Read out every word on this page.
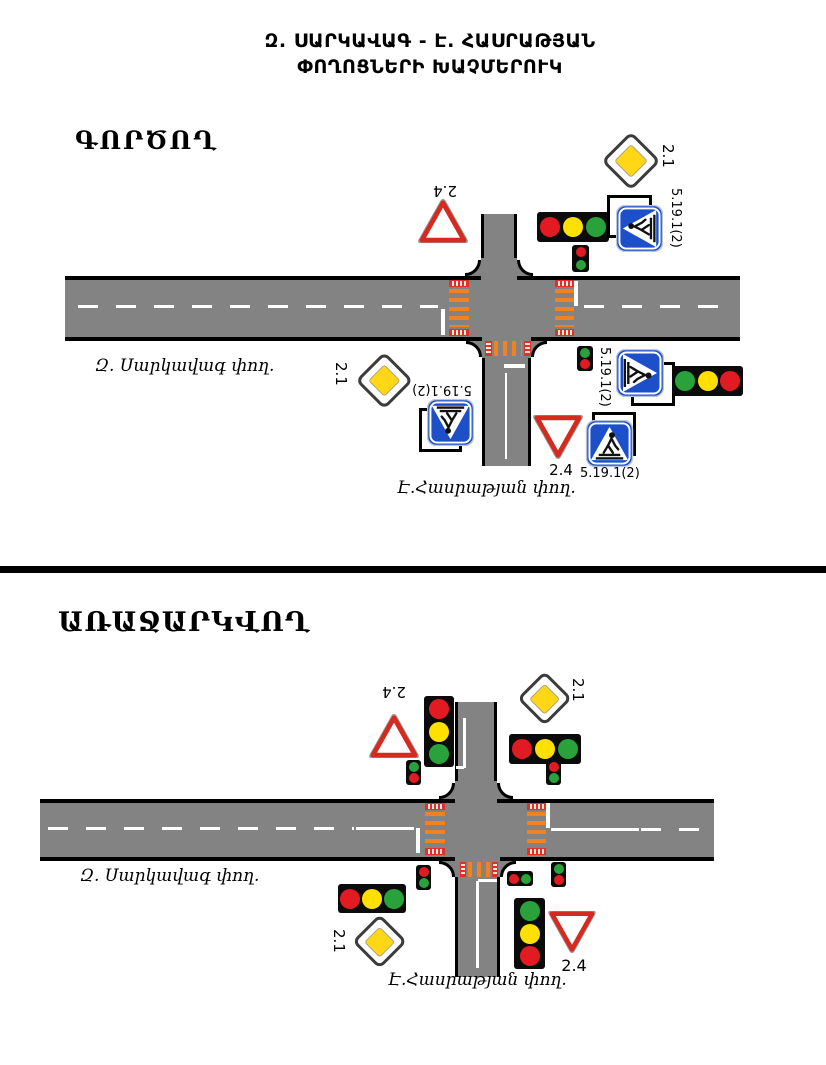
Զ. ՍԱՐԿԱՎԱԳ - Է. ՀԱՍՐԱԹՅԱՆ
ՓՈՂՈՑՆԵՐԻ ԽԱՉՄԵՐՈՒԿ
ԳՈՐԾՈՂ
2.4
2.1
5.19.1(2)
Զ. Սարկավագ փող.	2.1
5.19.1(2)
2.4 5.19.1(2)
5.19.1(2)
Է.Հասրաթյան փող.
ԱՌԱՋԱՐԿՎՈՂ
2.4	2.1
2.1
2.4
Զ. Սարկավագ փող.
Է.Հասրաթյան փող.
